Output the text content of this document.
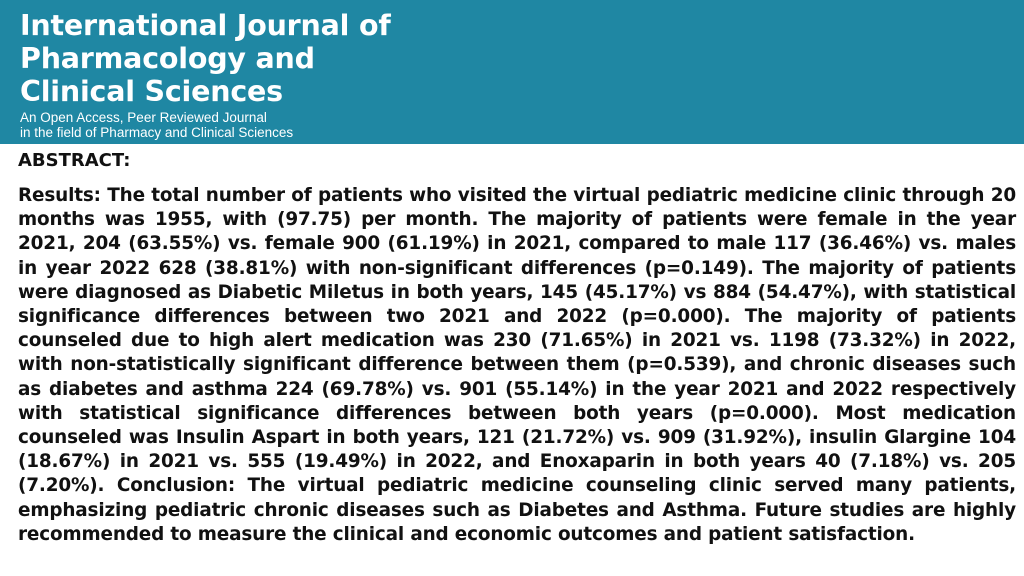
International Journal of
Pharmacology and
Clinical Sciences
An Open Access, Peer Reviewed Journal
in the field of Pharmacy and Clinical Sciences
ABSTRACT:

Results: The total number of patients who visited the virtual pediatric medicine clinic through 20 months was 1955, with (97.75) per month. The majority of patients were female in the year 2021, 204 (63.55%) vs. female 900 (61.19%) in 2021, compared to male 117 (36.46%) vs. males in year 2022 628 (38.81%) with non-significant differences (p=0.149). The majority of patients were diagnosed as Diabetic Miletus in both years, 145 (45.17%) vs 884 (54.47%), with statistical significance differences between two 2021 and 2022 (p=0.000). The majority of patients counseled due to high alert medication was 230 (71.65%) in 2021 vs. 1198 (73.32%) in 2022, with non-statistically significant difference between them (p=0.539), and chronic diseases such as diabetes and asthma 224 (69.78%) vs. 901 (55.14%) in the year 2021 and 2022 respectively with statistical significance differences between both years (p=0.000). Most medication counseled was Insulin Aspart in both years, 121 (21.72%) vs. 909 (31.92%), insulin Glargine 104 (18.67%) in 2021 vs. 555 (19.49%) in 2022, and Enoxaparin in both years 40 (7.18%) vs. 205 (7.20%). Conclusion: The virtual pediatric medicine counseling clinic served many patients, emphasizing pediatric chronic diseases such as Diabetes and Asthma. Future studies are highly recommended to measure the clinical and economic outcomes and patient satisfaction.
